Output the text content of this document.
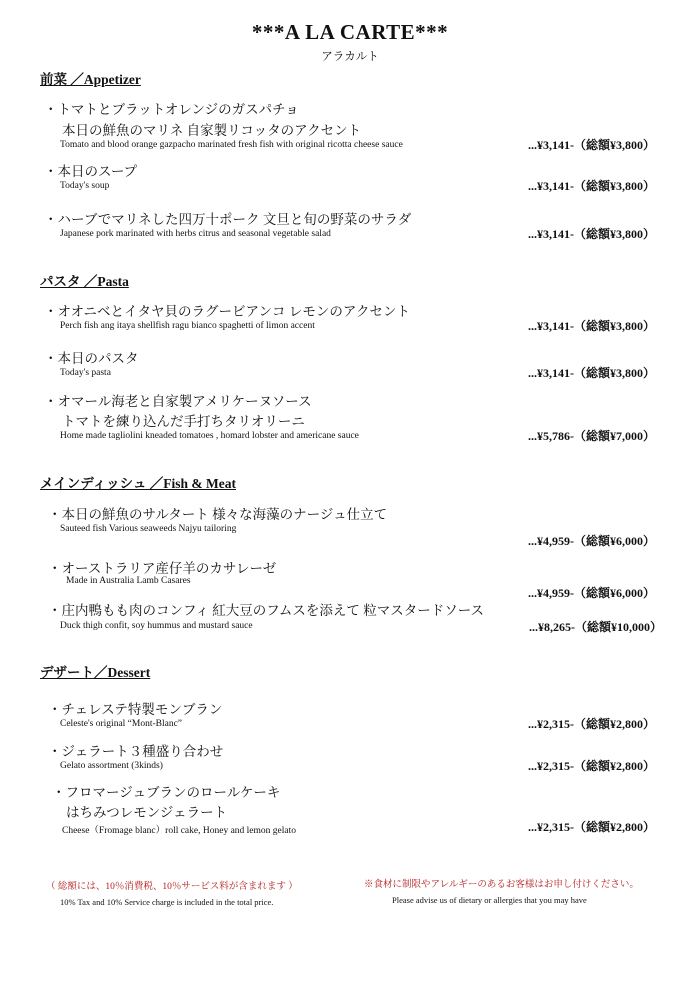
***A LA CARTE***
アラカルト
前菜 ／Appetizer
・トマトとブラットオレンジのガスパチョ
本日の鮮魚のマリネ 自家製リコッタのアクセント
Tomato and blood orange gazpacho marinated fresh fish with original ricotta cheese sauce	...¥3,141-（総額¥3,800）
・本日のスープ
Today's soup	...¥3,141-（総額¥3,800）
・ハーブでマリネした四万十ポーク 文旦と旬の野菜のサラダ
Japanese pork marinated with herbs citrus and seasonal vegetable salad	...¥3,141-（総額¥3,800）
パスタ ／Pasta
・オオニベとイタヤ貝のラグービアンコ レモンのアクセント
Perch fish ang itaya shellfish ragu bianco spaghetti of limon accent	...¥3,141-（総額¥3,800）
・本日のパスタ
Today's pasta	...¥3,141-（総額¥3,800）
・オマール海老と自家製アメリケーヌソース
トマトを練り込んだ手打ちタリオリーニ
Home made tagliolini kneaded tomatoes , homard lobster and americane sauce	...¥5,786-（総額¥7,000）
メインディッシュ ／Fish & Meat
・本日の鮮魚のサルタート 様々な海藻のナージュ仕立て
Sauteed fish Various seaweeds Najyu tailoring
...¥4,959-（総額¥6,000）
・オーストラリア産仔羊のカサレーゼ
Made in Australia Lamb Casares
...¥4,959-（総額¥6,000）
・庄内鴨もも肉のコンフィ 紅大豆のフムスを添えて 粒マスタードソース
Duck thigh confit, soy hummus and mustard sauce	...¥8,265-（総額¥10,000）
デザート／Dessert
・チェレステ特製モンブラン
Celeste's original “Mont-Blanc”	...¥2,315-（総額¥2,800）
・ジェラート３種盛り合わせ
Gelato assortment (3kinds)	...¥2,315-（総額¥2,800）
・フロマージュブランのロールケーキ
はちみつレモンジェラート
Cheese（Fromage blanc）roll cake, Honey and lemon gelato	...¥2,315-（総額¥2,800）
（ 総額には、10％消費税、10％サービス料が含まれます ）
10% Tax and 10% Service charge is included in the total price.
※食材に制限やアレルギーのあるお客様はお申し付けください。
Please advise us of dietary or allergies that you may have
